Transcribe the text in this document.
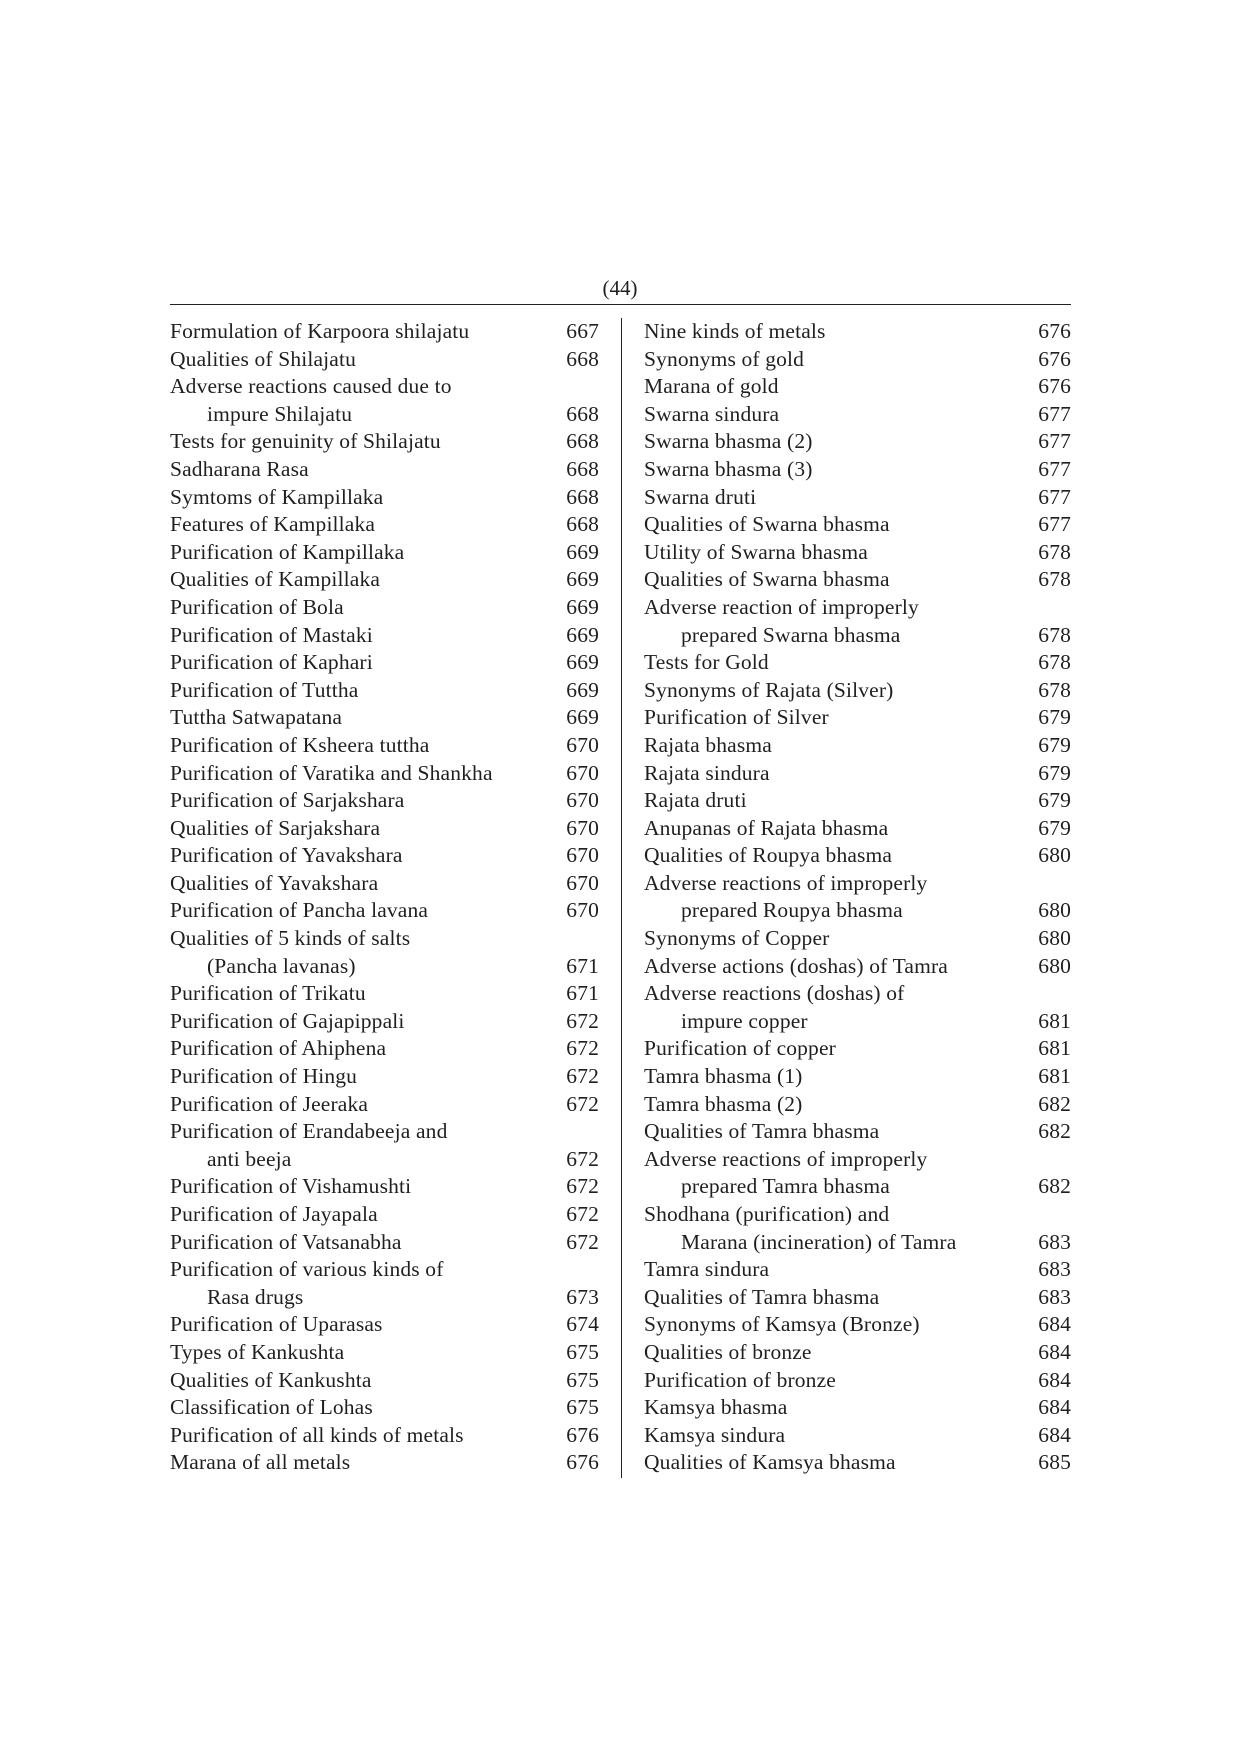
(44)
Formulation of Karpoora shilajatu	667
Qualities of Shilajatu	668
Adverse reactions caused due to
impure Shilajatu	668
Tests for genuinity of Shilajatu	668
Sadharana Rasa	668
Symtoms of Kampillaka	668
Features of Kampillaka	668
Purification of Kampillaka	669
Qualities of Kampillaka	669
Purification of Bola	669
Purification of Mastaki	669
Purification of Kaphari	669
Purification of Tuttha	669
Tuttha Satwapatana	669
Purification of Ksheera tuttha	670
Purification of Varatika and Shankha	670
Purification of Sarjakshara	670
Qualities of Sarjakshara	670
Purification of Yavakshara	670
Qualities of Yavakshara	670
Purification of Pancha lavana	670
Qualities of 5 kinds of salts
(Pancha lavanas)	671
Purification of Trikatu	671
Purification of Gajapippali	672
Purification of Ahiphena	672
Purification of Hingu	672
Purification of Jeeraka	672
Purification of Erandabeeja and
anti beeja	672
Purification of Vishamushti	672
Purification of Jayapala	672
Purification of Vatsanabha	672
Purification of various kinds of
Rasa drugs	673
Purification of Uparasas	674
Types of Kankushta	675
Qualities of Kankushta	675
Classification of Lohas	675
Purification of all kinds of metals	676
Marana of all metals	676
Nine kinds of metals	676
Synonyms of gold	676
Marana of gold	676
Swarna sindura	677
Swarna bhasma (2)	677
Swarna bhasma (3)	677
Swarna druti	677
Qualities of Swarna bhasma	677
Utility of Swarna bhasma	678
Qualities of Swarna bhasma	678
Adverse reaction of improperly
prepared Swarna bhasma	678
Tests for Gold	678
Synonyms of Rajata (Silver)	678
Purification of Silver	679
Rajata bhasma	679
Rajata sindura	679
Rajata druti	679
Anupanas of Rajata bhasma	679
Qualities of Roupya bhasma	680
Adverse reactions of improperly
prepared Roupya bhasma	680
Synonyms of Copper	680
Adverse actions (doshas) of Tamra	680
Adverse reactions (doshas) of
impure copper	681
Purification of copper	681
Tamra bhasma (1)	681
Tamra bhasma (2)	682
Qualities of Tamra bhasma	682
Adverse reactions of improperly
prepared Tamra bhasma	682
Shodhana (purification) and
Marana (incineration) of Tamra	683
Tamra sindura	683
Qualities of Tamra bhasma	683
Synonyms of Kamsya (Bronze)	684
Qualities of bronze	684
Purification of bronze	684
Kamsya bhasma	684
Kamsya sindura	684
Qualities of Kamsya bhasma	685
